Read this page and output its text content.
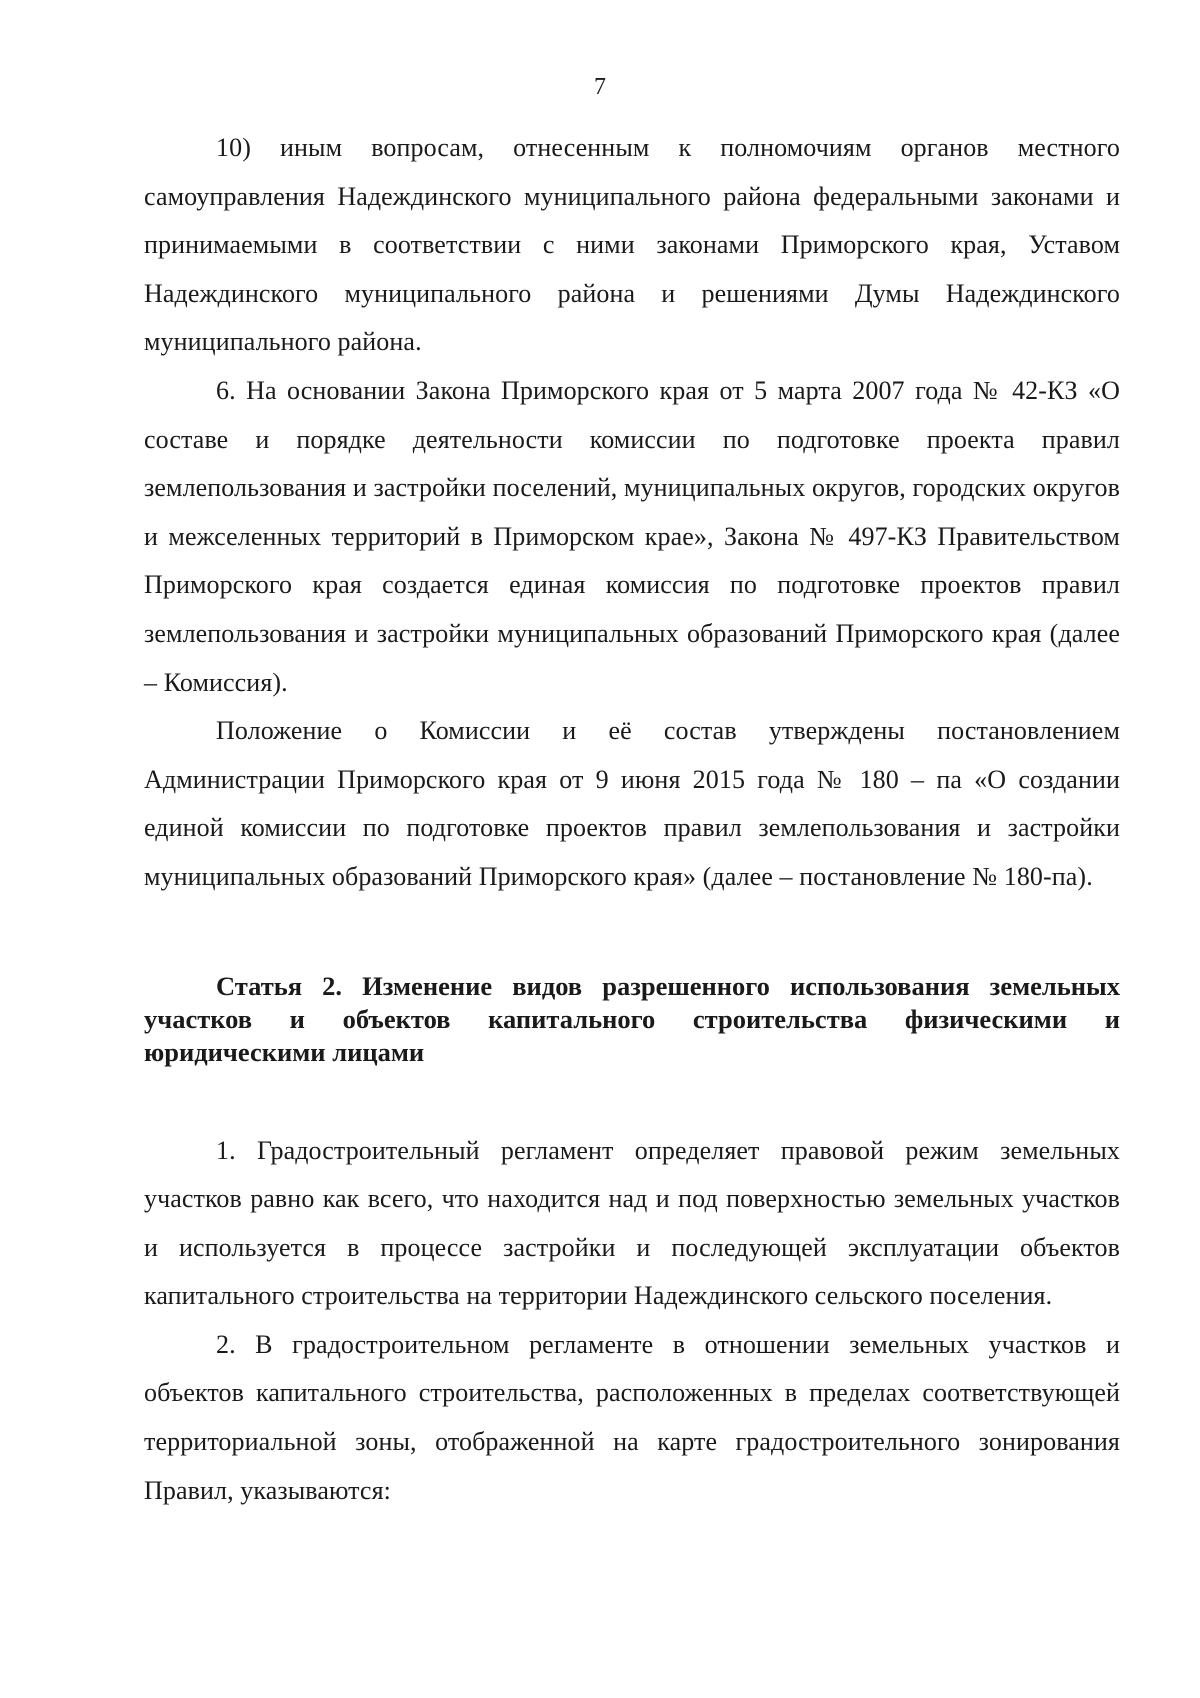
7

10) иным вопросам, отнесенным к полномочиям органов местного самоуправления Надеждинского муниципального района федеральными законами и принимаемыми в соответствии с ними законами Приморского края, Уставом Надеждинского муниципального района и решениями Думы Надеждинского муниципального района.

6. На основании Закона Приморского края от 5 марта 2007 года № 42-КЗ «О составе и порядке деятельности комиссии по подготовке проекта правил землепользования и застройки поселений, муниципальных округов, городских округов и межселенных территорий в Приморском крае», Закона № 497-КЗ Правительством Приморского края создается единая комиссия по подготовке проектов правил землепользования и застройки муниципальных образований Приморского края (далее – Комиссия).

Положение о Комиссии и её состав утверждены постановлением Администрации Приморского края от 9 июня 2015 года № 180 – па «О создании единой комиссии по подготовке проектов правил землепользования и застройки муниципальных образований Приморского края» (далее – постановление № 180-па).

Статья 2. Изменение видов разрешенного использования земельных участков и объектов капитального строительства физическими и юридическими лицами

1. Градостроительный регламент определяет правовой режим земельных участков равно как всего, что находится над и под поверхностью земельных участков и используется в процессе застройки и последующей эксплуатации объектов капитального строительства на территории Надеждинского сельского поселения.

2. В градостроительном регламенте в отношении земельных участков и объектов капитального строительства, расположенных в пределах соответствующей территориальной зоны, отображенной на карте градостроительного зонирования Правил, указываются:
